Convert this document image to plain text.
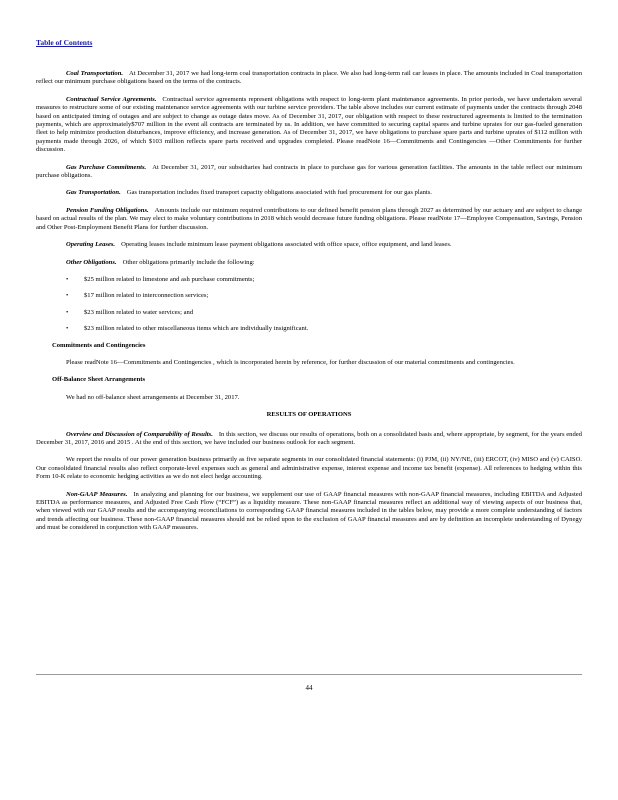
Table of Contents

Coal Transportation. At December 31, 2017 we had long-term coal transportation contracts in place. We also had long-term rail car leases in place. The amounts included in Coal transportation reflect our minimum purchase obligations based on the terms of the contracts.

Contractual Service Agreements. Contractual service agreements represent obligations with respect to long-term plant maintenance agreements. In prior periods, we have undertaken several measures to restructure some of our existing maintenance service agreements with our turbine service providers. The table above includes our current estimate of payments under the contracts through 2048 based on anticipated timing of outages and are subject to change as outage dates move. As of December 31, 2017, our obligation with respect to these restructured agreements is limited to the termination payments, which are approximately$707 million in the event all contracts are terminated by us. In addition, we have committed to securing capital spares and turbine uprates for our gas-fueled generation fleet to help minimize production disturbances, improve efficiency, and increase generation. As of December 31, 2017, we have obligations to purchase spare parts and turbine uprates of $112 million with payments made through 2026, of which $103 million reflects spare parts received and upgrades completed. Please readNote 16—Commitments and Contingencies —Other Commitments for further discussion.

Gas Purchase Commitments. At December 31, 2017, our subsidiaries had contracts in place to purchase gas for various generation facilities. The amounts in the table reflect our minimum purchase obligations.

Gas Transportation. Gas transportation includes fixed transport capacity obligations associated with fuel procurement for our gas plants.

Pension Funding Obligations. Amounts include our minimum required contributions to our defined benefit pension plans through 2027 as determined by our actuary and are subject to change based on actual results of the plan. We may elect to make voluntary contributions in 2018 which would decrease future funding obligations. Please readNote 17—Employee Compensation, Savings, Pension and Other Post-Employment Benefit Plans for further discussion.

Operating Leases. Operating leases include minimum lease payment obligations associated with office space, office equipment, and land leases.

Other Obligations. Other obligations primarily include the following:

• $25 million related to limestone and ash purchase commitments;
• $17 million related to interconnection services;
• $23 million related to water services; and
• $23 million related to other miscellaneous items which are individually insignificant.
Commitments and Contingencies

Please readNote 16—Commitments and Contingencies , which is incorporated herein by reference, for further discussion of our material commitments and contingencies.

Off-Balance Sheet Arrangements

We had no off-balance sheet arrangements at December 31, 2017.

RESULTS OF OPERATIONS

Overview and Discussion of Comparability of Results. In this section, we discuss our results of operations, both on a consolidated basis and, where appropriate, by segment, for the years ended December 31, 2017, 2016 and 2015 . At the end of this section, we have included our business outlook for each segment.

We report the results of our power generation business primarily as five separate segments in our consolidated financial statements: (i) PJM, (ii) NY/NE, (iii) ERCOT, (iv) MISO and (v) CAISO. Our consolidated financial results also reflect corporate-level expenses such as general and administrative expense, interest expense and income tax benefit (expense). All references to hedging within this Form 10-K relate to economic hedging activities as we do not elect hedge accounting.

Non-GAAP Measures. In analyzing and planning for our business, we supplement our use of GAAP financial measures with non-GAAP financial measures, including EBITDA and Adjusted EBITDA as performance measures, and Adjusted Free Cash Flow (“FCF”) as a liquidity measure. These non-GAAP financial measures reflect an additional way of viewing aspects of our business that, when viewed with our GAAP results and the accompanying reconciliations to corresponding GAAP financial measures included in the tables below, may provide a more complete understanding of factors and trends affecting our business. These non-GAAP financial measures should not be relied upon to the exclusion of GAAP financial measures and are by definition an incomplete understanding of Dynegy and must be considered in conjunction with GAAP measures.

44
